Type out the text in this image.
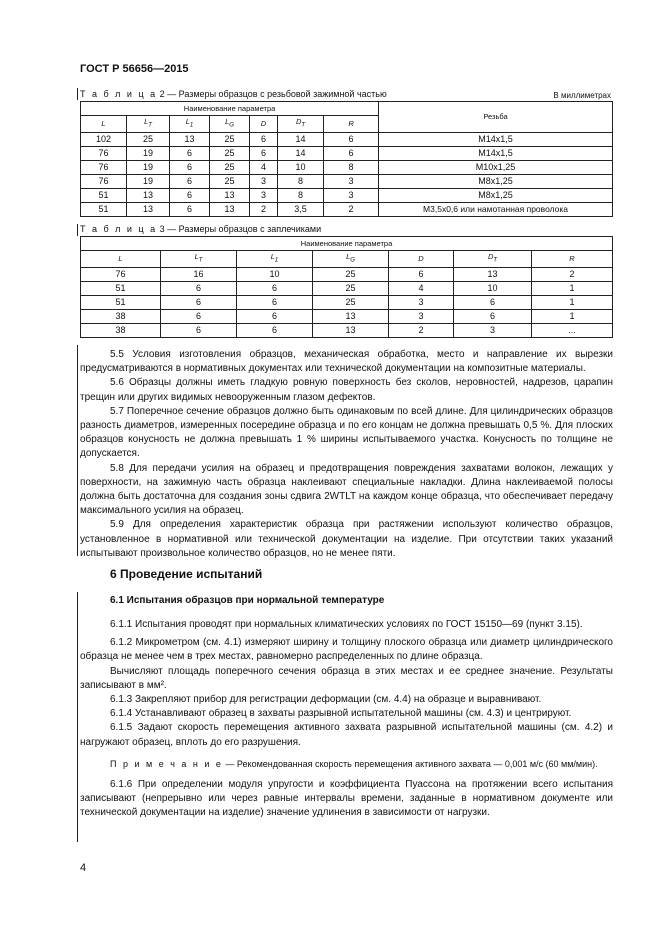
ГОСТ Р 56656—2015
Т а б л и ц а 2 — Размеры образцов с резьбовой зажимной частью	В миллиметрах
Наименование параметра							Резьба
L	$L_T$	$L_1$	$L_G$	D	$D_T$	R	
102	25	13	25	6	14	6	M14x1,5
76	19	6	25	6	14	6	M14x1,5
76	19	6	25	4	10	8	M10x1,25
76	19	6	25	3	8	3	M8x1,25
51	13	6	13	3	8	3	M8x1,25
51	13	6	13	2	3,5	2	M3,5x0,6 или намотанная проволока
Т а б л и ц а 3 — Размеры образцов с заплечиками
Наименование параметра						
L	$L_T$	$L_1$	$L_G$	D	$D_T$	R
76	16	10	25	6	13	2
51	6	6	25	4	10	1
51	6	6	25	3	6	1
38	6	6	13	3	6	1
38	6	6	13	2	3	...

5.5 Условия изготовления образцов, механическая обработка, место и направление их вырезки предусматриваются в нормативных документах или технической документации на композитные материалы.

5.6 Образцы должны иметь гладкую ровную поверхность без сколов, неровностей, надрезов, царапин трещин или других видимых невооруженным глазом дефектов.

5.7 Поперечное сечение образцов должно быть одинаковым по всей длине. Для цилиндрических образцов разность диаметров, измеренных посередине образца и по его концам не должна превышать 0,5 %. Для плоских образцов конусность не должна превышать 1 % ширины испытываемого участка. Конусность по толщине не допускается.

5.8 Для передачи усилия на образец и предотвращения повреждения захватами волокон, лежащих у поверхности, на зажимную часть образца наклеивают специальные накладки. Длина наклеиваемой полосы должна быть достаточна для создания зоны сдвига 2WTLT на каждом конце образца, что обеспечивает передачу максимального усилия на образец.

5.9 Для определения характеристик образца при растяжении используют количество образцов, установленное в нормативной или технической документации на изделие. При отсутствии таких указаний испытывают произвольное количество образцов, но не менее пяти.

6 Проведение испытаний
6.1 Испытания образцов при нормальной температуре

6.1.1 Испытания проводят при нормальных климатических условиях по ГОСТ 15150—69 (пункт 3.15).

6.1.2 Микрометром (см. 4.1) измеряют ширину и толщину плоского образца или диаметр цилиндрического образца не менее чем в трех местах, равномерно распределенных по длине образца.

Вычисляют площадь поперечного сечения образца в этих местах и ее среднее значение. Результаты записывают в мм².

6.1.3 Закрепляют прибор для регистрации деформации (см. 4.4) на образце и выравнивают.

6.1.4 Устанавливают образец в захваты разрывной испытательной машины (см. 4.3) и центрируют.

6.1.5 Задают скорость перемещения активного захвата разрывной испытательной машины (см. 4.2) и нагружают образец, вплоть до его разрушения.

П р и м е ч а н и е — Рекомендованная скорость перемещения активного захвата — 0,001 м/с (60 мм/мин).

6.1.6 При определении модуля упругости и коэффициента Пуассона на протяжении всего испытания записывают (непрерывно или через равные интервалы времени, заданные в нормативном документе или технической документации на изделие) значение удлинения в зависимости от нагрузки.

4
